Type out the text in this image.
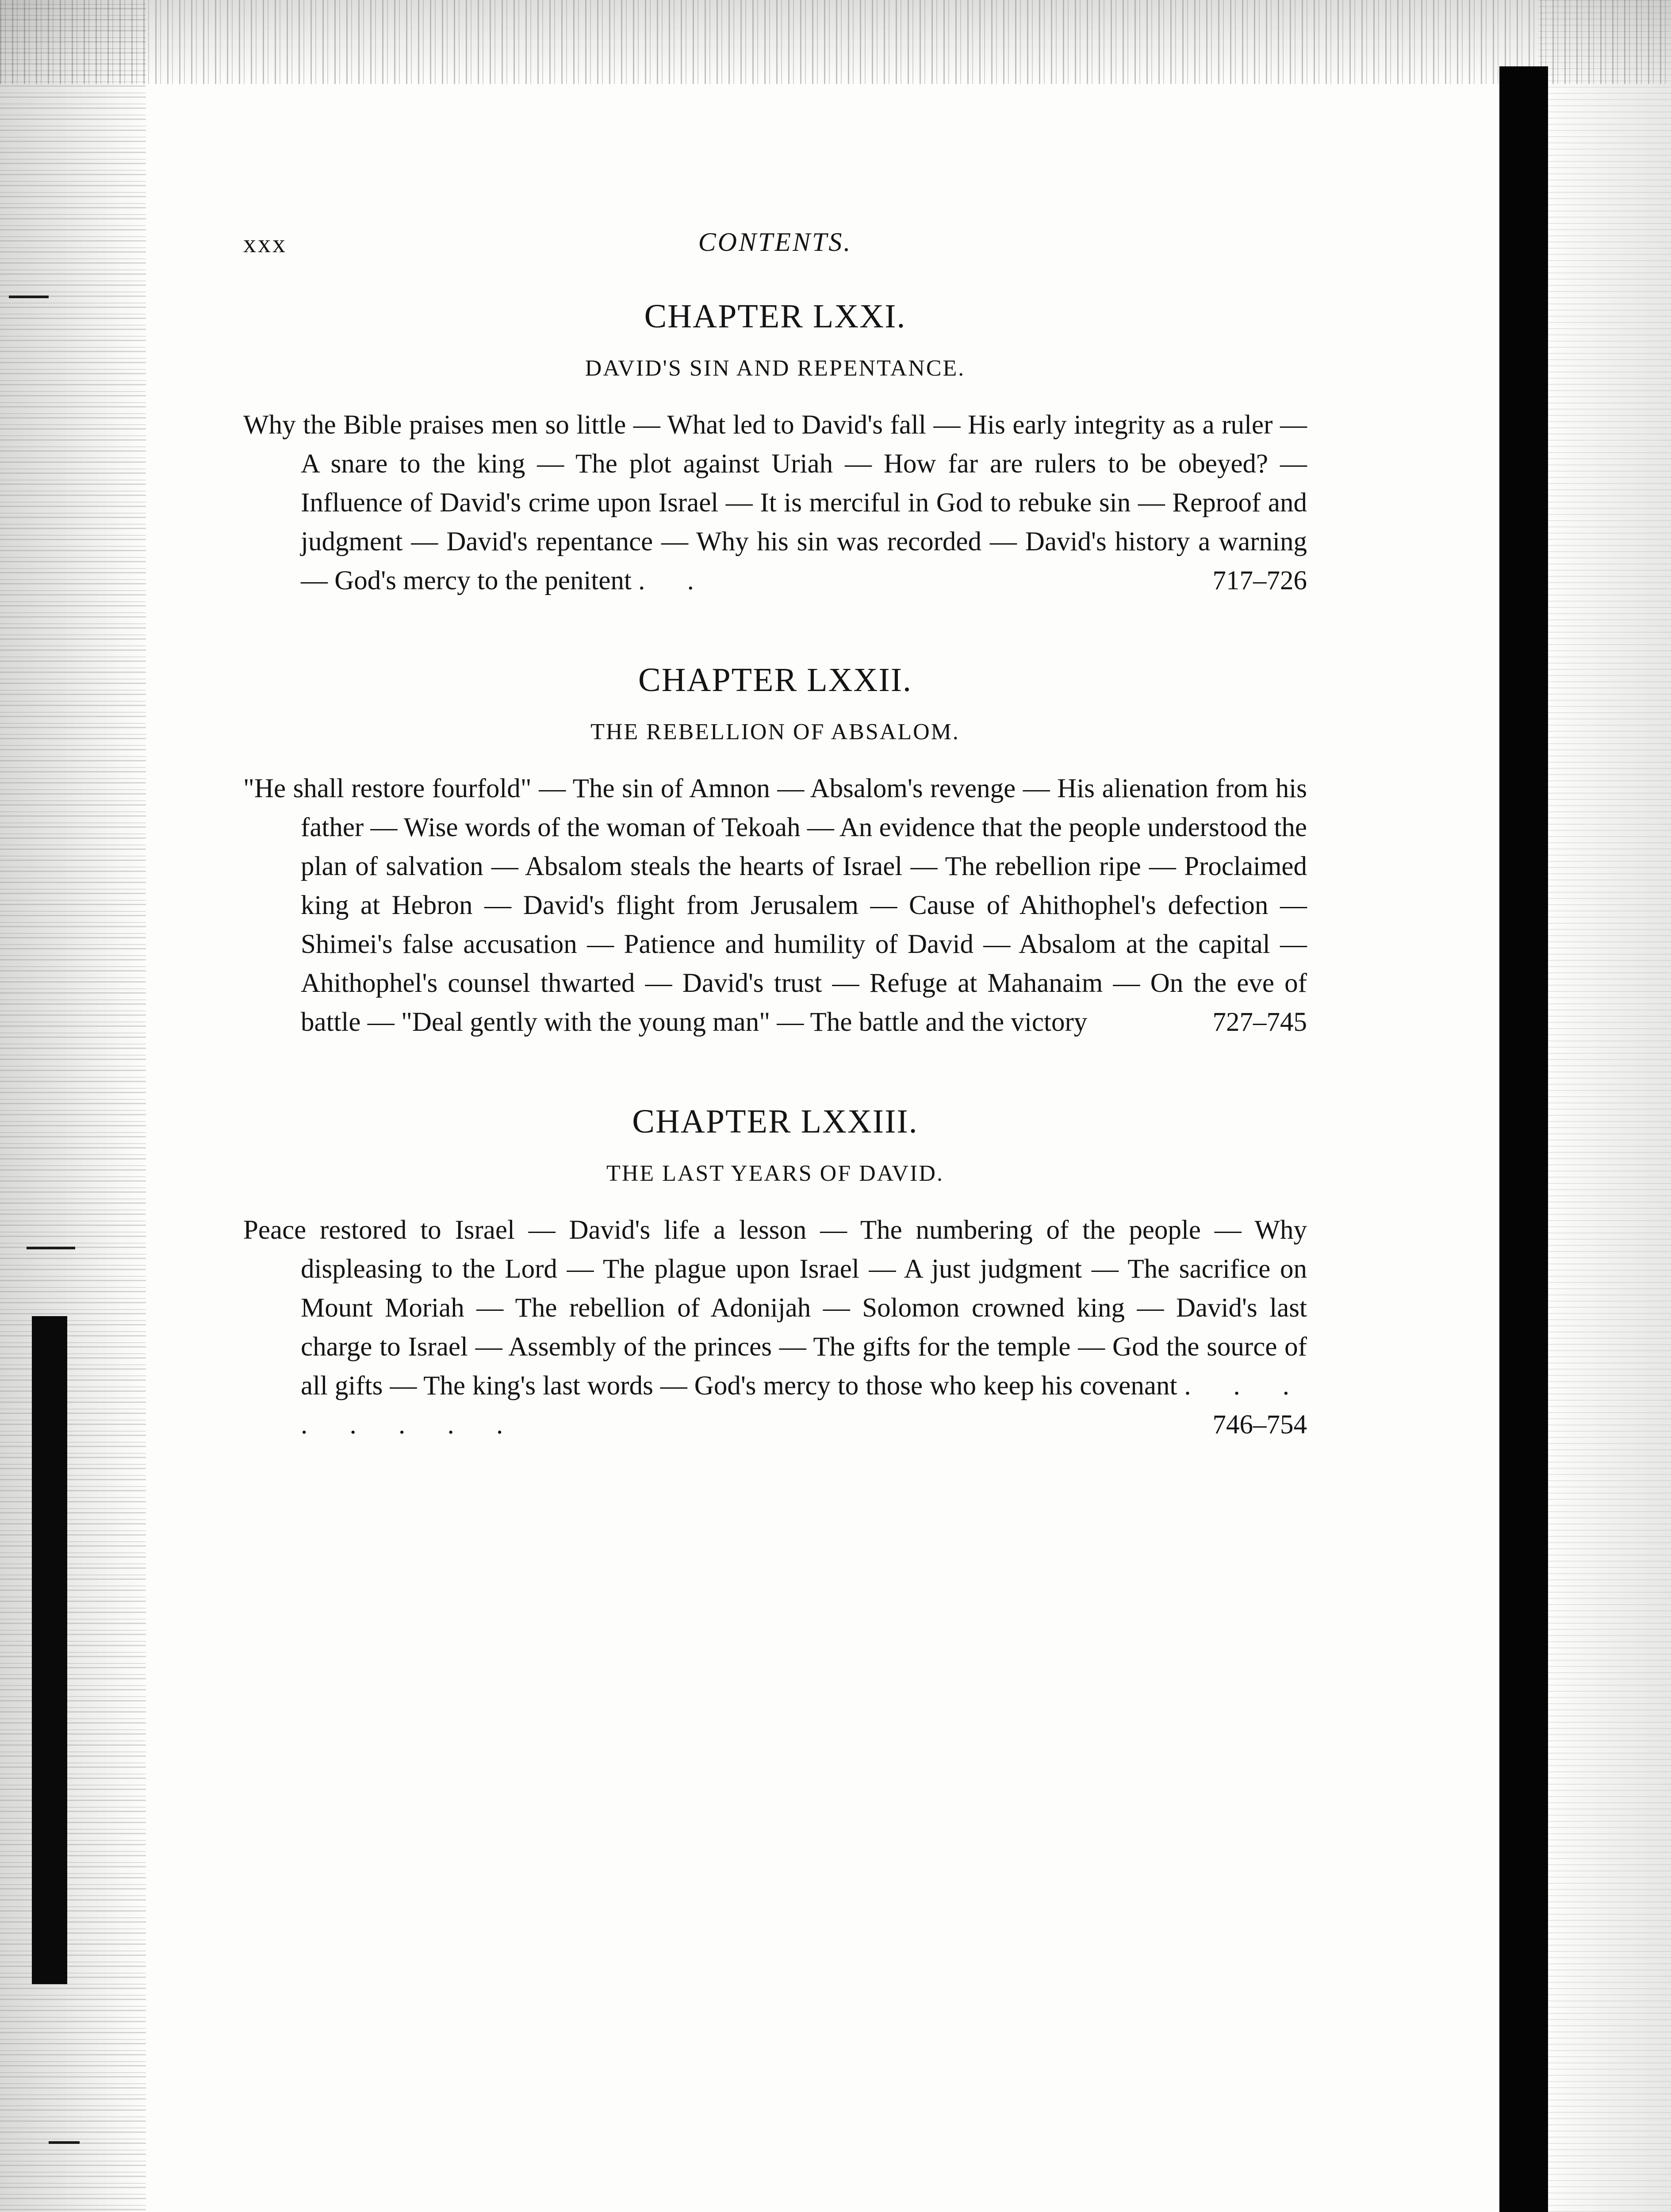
xxx	CONTENTS.
CHAPTER LXXI.
DAVID'S SIN AND REPENTANCE.
Why the Bible praises men so little — What led to David's fall — His early integrity as a ruler — A snare to the king — The plot against Uriah — How far are rulers to be obeyed? — Influence of David's crime upon Israel — It is merciful in God to rebuke sin — Reproof and judgment — David's repentance — Why his sin was recorded — David's history a warning — God's mercy to the penitent . .	717–726
CHAPTER LXXII.
THE REBELLION OF ABSALOM.
"He shall restore fourfold" — The sin of Amnon — Absalom's revenge — His alienation from his father — Wise words of the woman of Tekoah — An evidence that the people understood the plan of salvation — Absalom steals the hearts of Israel — The rebellion ripe — Proclaimed king at Hebron — David's flight from Jerusalem — Cause of Ahithophel's defection — Shimei's false accusation — Patience and humility of David — Absalom at the capital — Ahithophel's counsel thwarted — David's trust — Refuge at Mahanaim — On the eve of battle — "Deal gently with the young man" — The battle and the victory	727–745
CHAPTER LXXIII.
THE LAST YEARS OF DAVID.
Peace restored to Israel — David's life a lesson — The numbering of the people — Why displeasing to the Lord — The plague upon Israel — A just judgment — The sacrifice on Mount Moriah — The rebellion of Adonijah — Solomon crowned king — David's last charge to Israel — Assembly of the princes — The gifts for the temple — God the source of all gifts — The king's last words — God's mercy to those who keep his covenant . . . . . . . .	746–754
